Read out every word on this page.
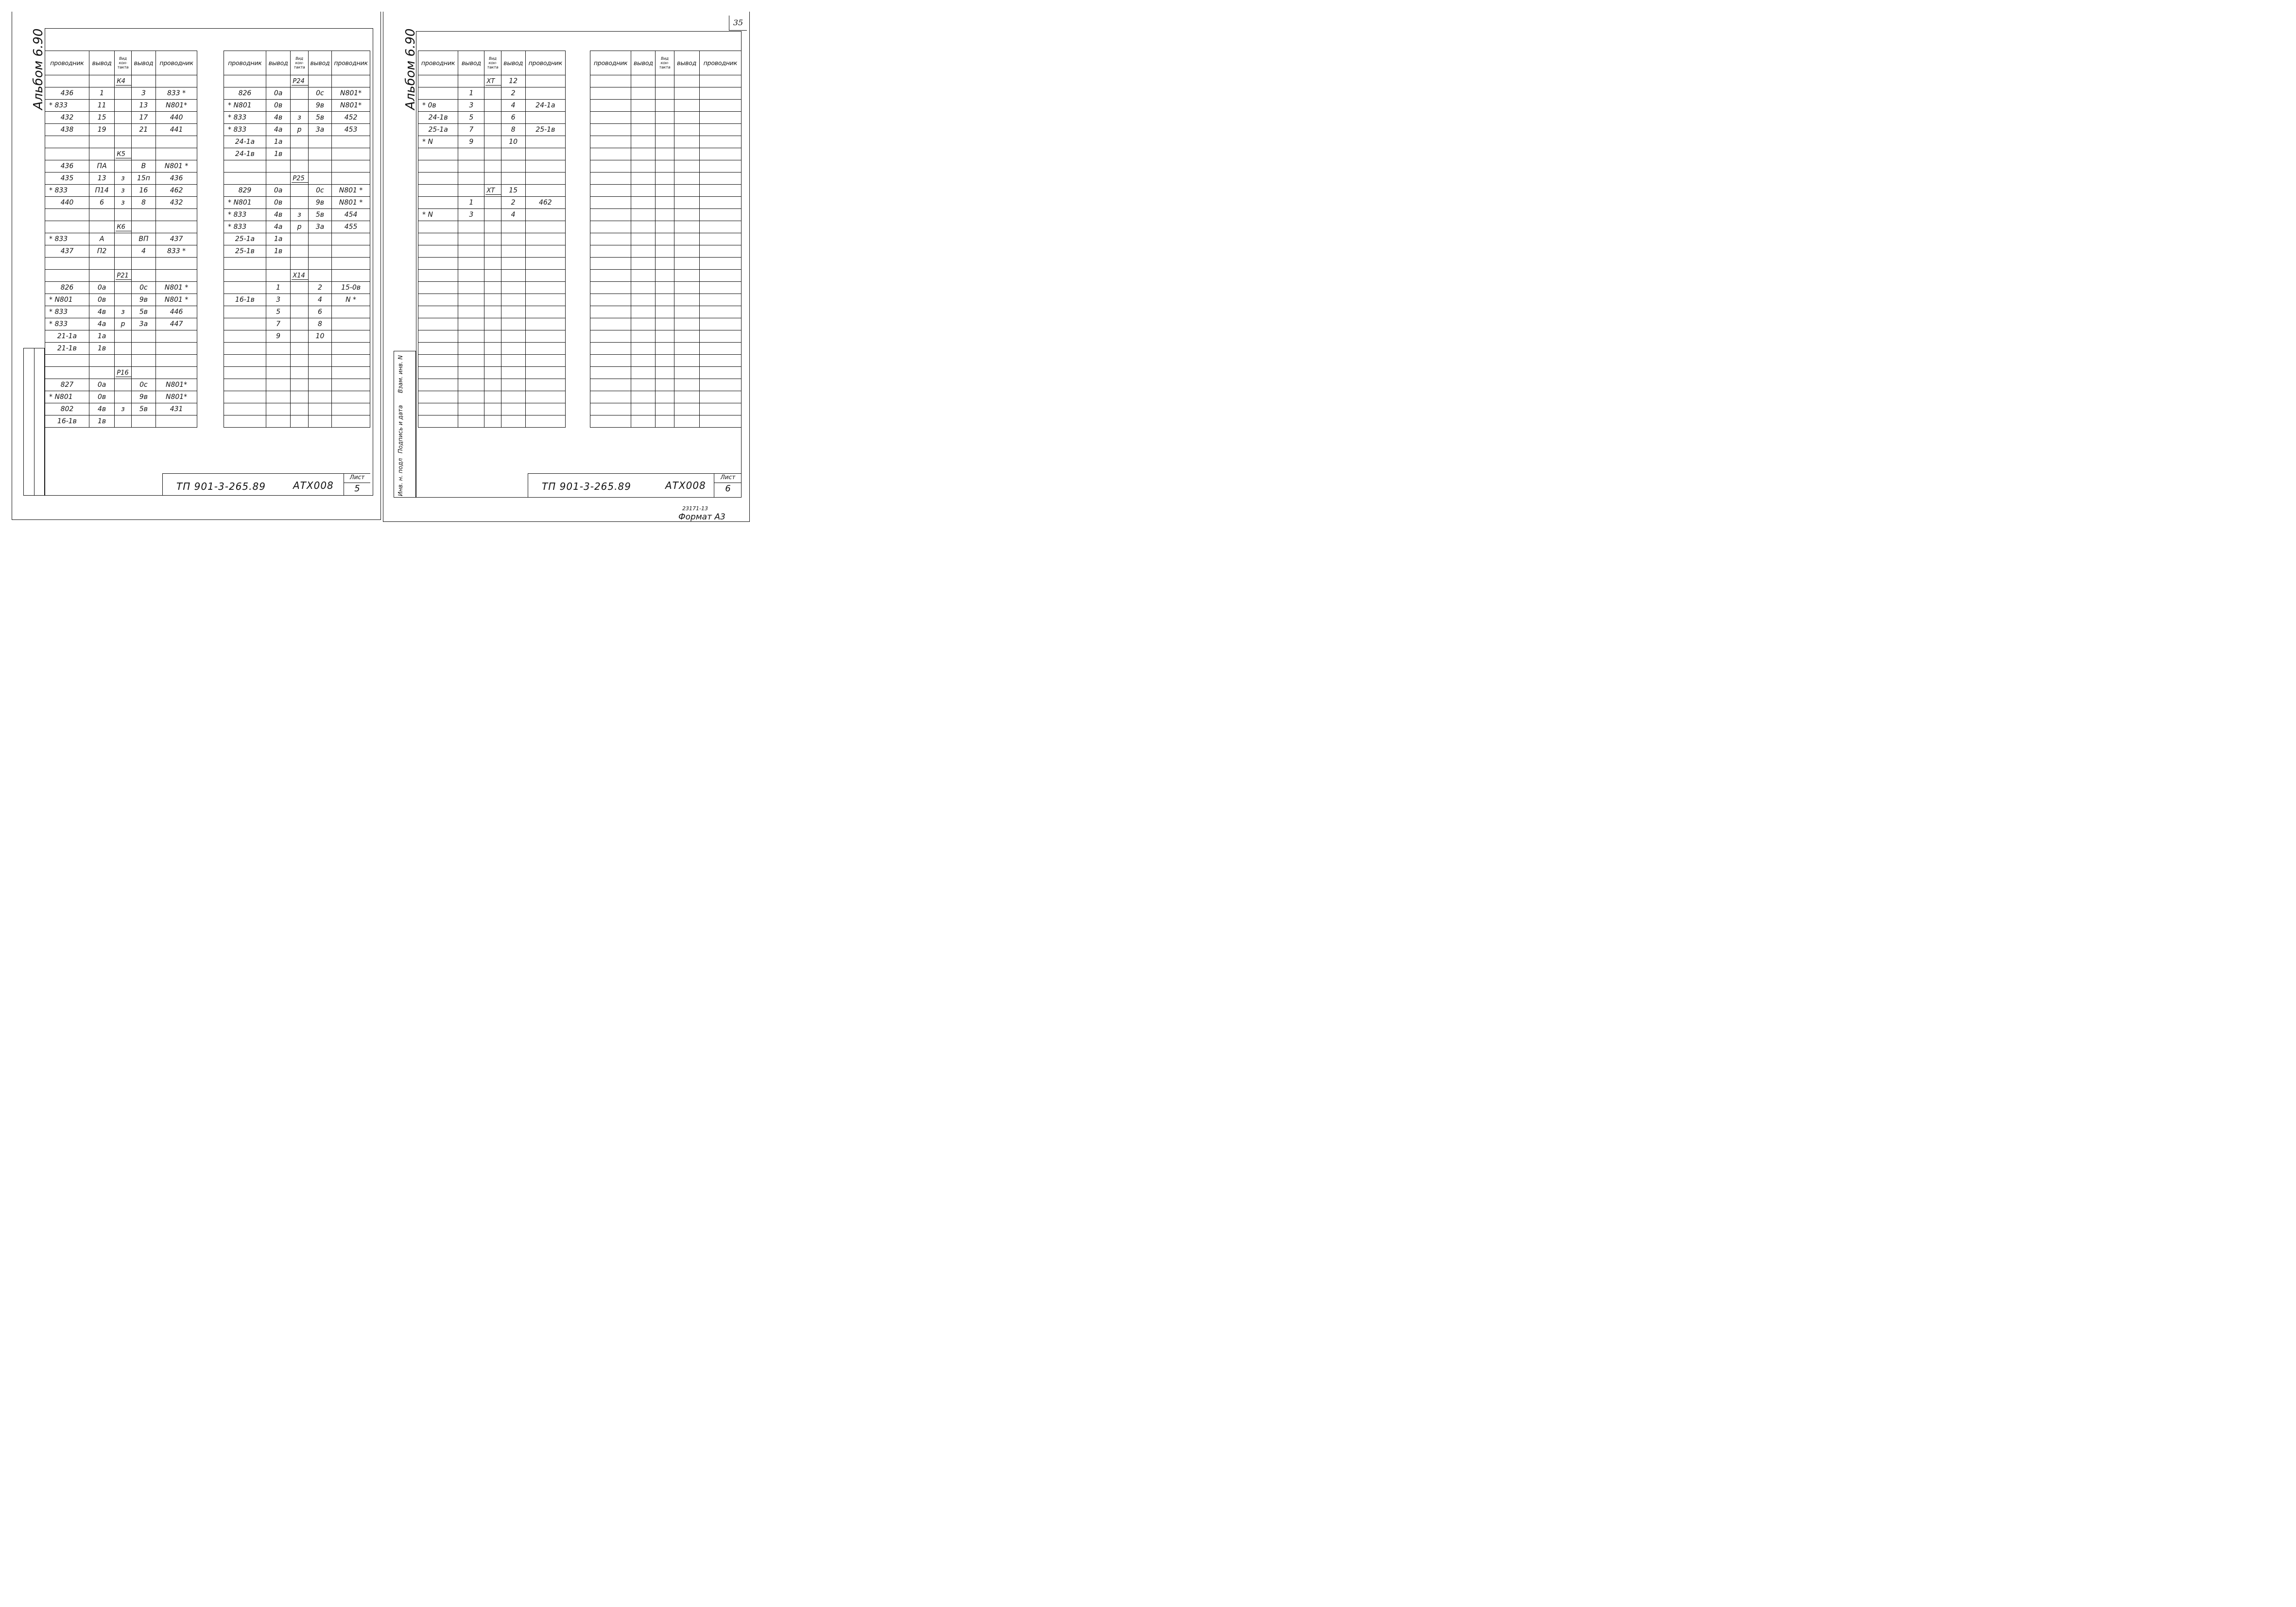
Альбом 6.90 проводник	вывод	Вид кон-такта	вывод	проводник
		К4		
436	1		3	833 *
* 833	11		13	N801*
432	15		17	440
438	19		21	441

		К5		
436	ПА		В	N801 *
435	13	з	15п	436
* 833	П14	з	16	462
440	6	з	8	432

		К6		
* 833	А		ВП	437
437	П2		4	833 *

		Р21		
826	0а		0с	N801 *
* N801	0в		9в	N801 *
* 833	4в	з	5в	446
* 833	4а	р	3а	447
21-1а	1а			
21-1в	1в			

		Р16		
827	0а		0с	N801*
* N801	0в		9в	N801*
802	4в	з	5в	431
16-1в	1в			
проводник	вывод	Вид кон-такта	вывод	проводник
		Р24		
826	0а		0с	N801*
* N801	0в		9в	N801*
* 833	4в	з	5в	452
* 833	4а	р	3а	453
24-1а	1а			
24-1в	1в			

		Р25		
829	0а		0с	N801 *
* N801	0в		9в	N801 *
* 833	4в	з	5в	454
* 833	4а	р	3а	455
25-1а	1а			
25-1в	1в			

		Х14		
	1		2	15-0в
16-1в	3		4	N *
	5		6	
	7		8	
	9		10	

ТП 901-3-265.89	АТХ008
Лист
5
Альбом 6.90
35
проводник	вывод	Вид кон-такта	вывод	проводник
		ХТ	12	
	1		2	
* 0в	3		4	24-1а
24-1в	5		6	
25-1а	7		8	25-1в
* N	9		10	

		ХТ	15	
	1		2	462
* N	3		4	

проводник	вывод	Вид кон-такта	вывод	проводник

Взам. инв. N
Подпись и дата
Инв. н. подл	ТП 901-3-265.89	АТХ008
Лист
6
23171-13
Формат А3
